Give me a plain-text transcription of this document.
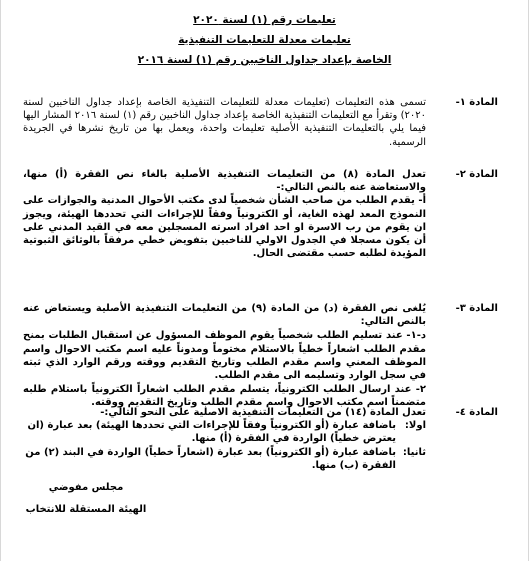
تعليمات رقم (١) لسنة ٢٠٢٠
تعليمات معدلة للتعليمات التنفيذية
الخاصة بإعداد جداول الناخبين رقم (١) لسنة ٢٠١٦
المادة ١-

تسمى هذه التعليمات (تعليمات معدلة للتعليمات التنفيذية الخاصة بإعداد جداول الناخبين لسنة ٢٠٢٠) وتقرأ مع التعليمات التنفيذية الخاصة بإعداد جداول الناخبين رقم (١) لسنة ٢٠١٦ المشار اليها فيما يلي بالتعليمات التنفيذية الأصلية تعليمات واحدة، ويعمل بها من تاريخ نشرها في الجريدة الرسمية.

المادة ٢-

تعدل المادة (٨) من التعليمات التنفيذية الأصلية بالغاء نص الفقرة (أ) منها، والاستعاضة عنه بالنص التالي:-

أ- يقدم الطلب من صاحب الشأن شخصياً لدى مكتب الأحوال المدنية والجوازات على النموذج المعد لهذه الغاية، أو الكترونياً وفقاً للإجراءات التي تحددها الهيئة، ويجوز ان يقوم من رب الاسرة او احد افراد اسرته المسجلين معه في القيد المدني على أن يكون مسجلا في الجدول الاولي للناخبين بتفويض خطي مرفقاً بالوثائق الثبوتية المؤيدة لطلبه حسب مقتضى الحال.

المادة ٣-

يُلغى نص الفقرة (د) من المادة (٩) من التعليمات التنفيذية الأصلية ويستعاض عنه بالنص التالي:

د-١- عند تسليم الطلب شخصياً يقوم الموظف المسؤول عن استقبال الطلبات بمنح مقدم الطلب اشعاراً خطياً بالاستلام مختوماً ومدوناً عليه اسم مكتب الاحوال واسم الموظف المعني واسم مقدم الطلب وتاريخ التقديم ووقته ورقم الوارد الذي ثبته في سجل الوارد وتسليمه الى مقدم الطلب.

٢- عند ارسال الطلب الكترونياً، يتسلم مقدم الطلب اشعاراً الكترونياً باستلام طلبه متضمناً اسم مكتب الاحوال واسم مقدم الطلب وتاريخ التقديم ووقته.

المادة ٤-

تعدل المادة (١٤) من التعليمات التنفيذية الاصلية على النحو التالي:-

اولا:
باضافة عبارة (أو الكترونياً وفقاً للإجراءات التي تحددها الهيئة) بعد عبارة (ان يعترض خطياً) الواردة في الفقرة (أ) منها.
ثانيا:
باضافة عبارة (أو الكترونياً) بعد عبارة (اشعاراً خطياً) الواردة في البند (٢) من الفقرة (ب) منها.
مجلس مفوضي
الهيئة المستقلة للانتخاب
